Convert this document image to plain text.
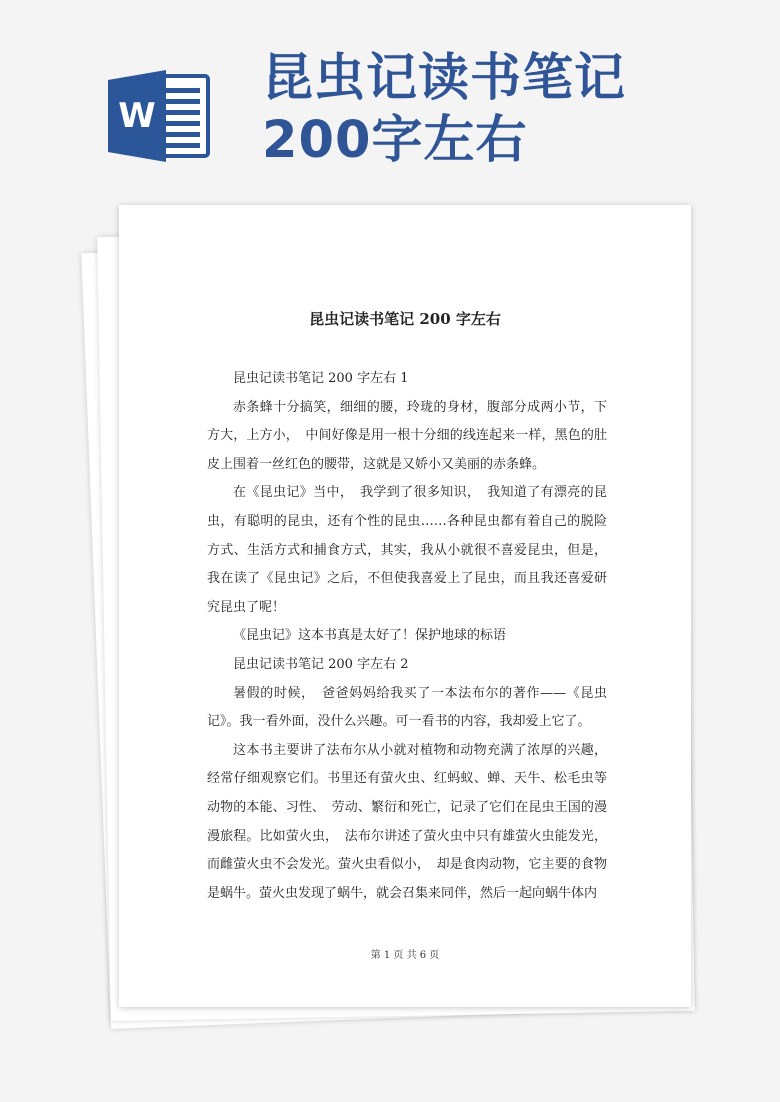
W
昆虫记读书笔记200字左右
昆虫记读书笔记 200 字左右

昆虫记读书笔记 200 字左右 1

赤条蜂十分搞笑，细细的腰，玲珑的身材，腹部分成两小节，下方大，上方小，　中间好像是用一根十分细的线连起来一样，黑色的肚皮上围着一丝红色的腰带，这就是又娇小又美丽的赤条蜂。

在《昆虫记》当中，　我学到了很多知识，　我知道了有漂亮的昆虫，有聪明的昆虫，还有个性的昆虫……各种昆虫都有着自己的脱险方式、生活方式和捕食方式，其实，我从小就很不喜爱昆虫，但是，我在读了《昆虫记》之后，不但使我喜爱上了昆虫，而且我还喜爱研究昆虫了呢！

《昆虫记》这本书真是太好了！保护地球的标语

昆虫记读书笔记 200 字左右 2

暑假的时候，　爸爸妈妈给我买了一本法布尔的著作——《昆虫记》。我一看外面，没什么兴趣。可一看书的内容，我却爱上它了。

这本书主要讲了法布尔从小就对植物和动物充满了浓厚的兴趣，经常仔细观察它们。书里还有萤火虫、红蚂蚁、蝉、天牛、松毛虫等动物的本能、习性、　劳动、繁衍和死亡，记录了它们在昆虫王国的漫漫旅程。比如萤火虫，　法布尔讲述了萤火虫中只有雄萤火虫能发光，而雌萤火虫不会发光。萤火虫看似小，　却是食肉动物，它主要的食物是蜗牛。萤火虫发现了蜗牛，就会召集来同伴，然后一起向蜗牛体内

第 1 页 共 6 页
